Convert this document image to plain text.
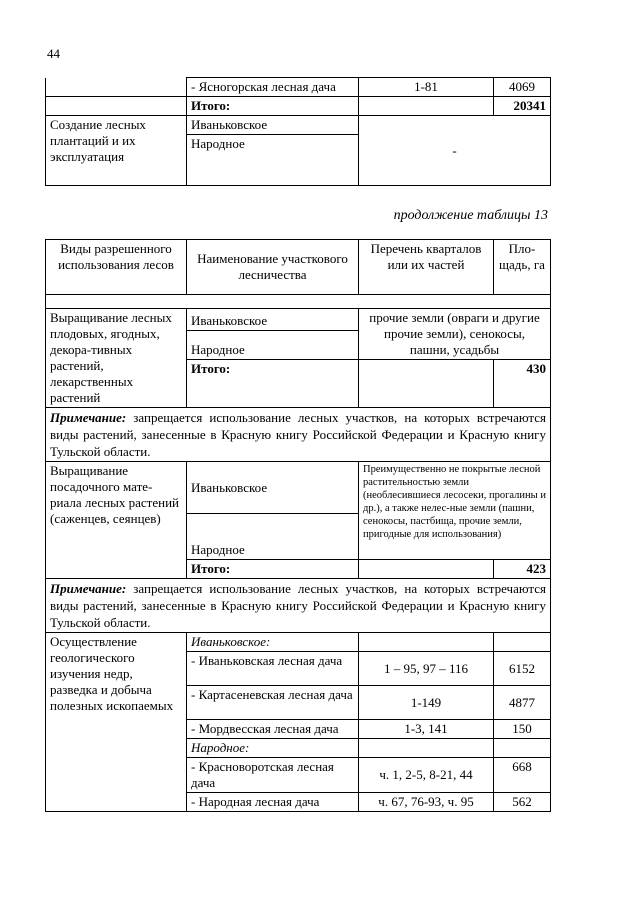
44
	- Ясногорская лесная дача	1-81	4069
	Итого:		20341
Создание лесных плантаций и их эксплуатация	Иваньковское	-	
	Народное		
продолжение таблицы 13
Виды разрешенного использования лесов	Наименование участкового лесничества	Перечень кварталов или их частей	Пло-щадь, га

Выращивание лесных плодовых, ягодных, декора-тивных растений, лекарственных растений	Иваньковское	прочие земли (овраги и другие прочие земли), сенокосы, пашни, усадьбы	
	Народное		
	Итого:		430
Примечание: запрещается использование лесных участков, на которых встречаются виды растений, занесенные в Красную книгу Российской Федерации и Красную книгу Тульской области.			
Выращивание посадочного мате-риала лесных растений (саженцев, сеянцев)	Иваньковское	Преимущественно не покрытые лесной растительностью земли (необлесившиеся лесосеки, прогалины и др.), а также нелес-ные земли (пашни, сенокосы, пастбища, прочие земли, пригодные для использования)	
	Народное		
	Итого:		423
Примечание: запрещается использование лесных участков, на которых встречаются виды растений, занесенные в Красную книгу Российской Федерации и Красную книгу Тульской области.			
Осуществление геологического изучения недр, разведка и добыча полезных ископаемых	Иваньковское:		
	- Иваньковская лесная дача	1 – 95, 97 – 116	6152
	- Картасеневская лесная дача	1-149	4877
	- Мордвесская лесная дача	1-3, 141	150
	Народное:		
	- Красноворотская лесная дача	ч. 1, 2-5, 8-21, 44	668
	- Народная лесная дача	ч. 67, 76-93, ч. 95	562
